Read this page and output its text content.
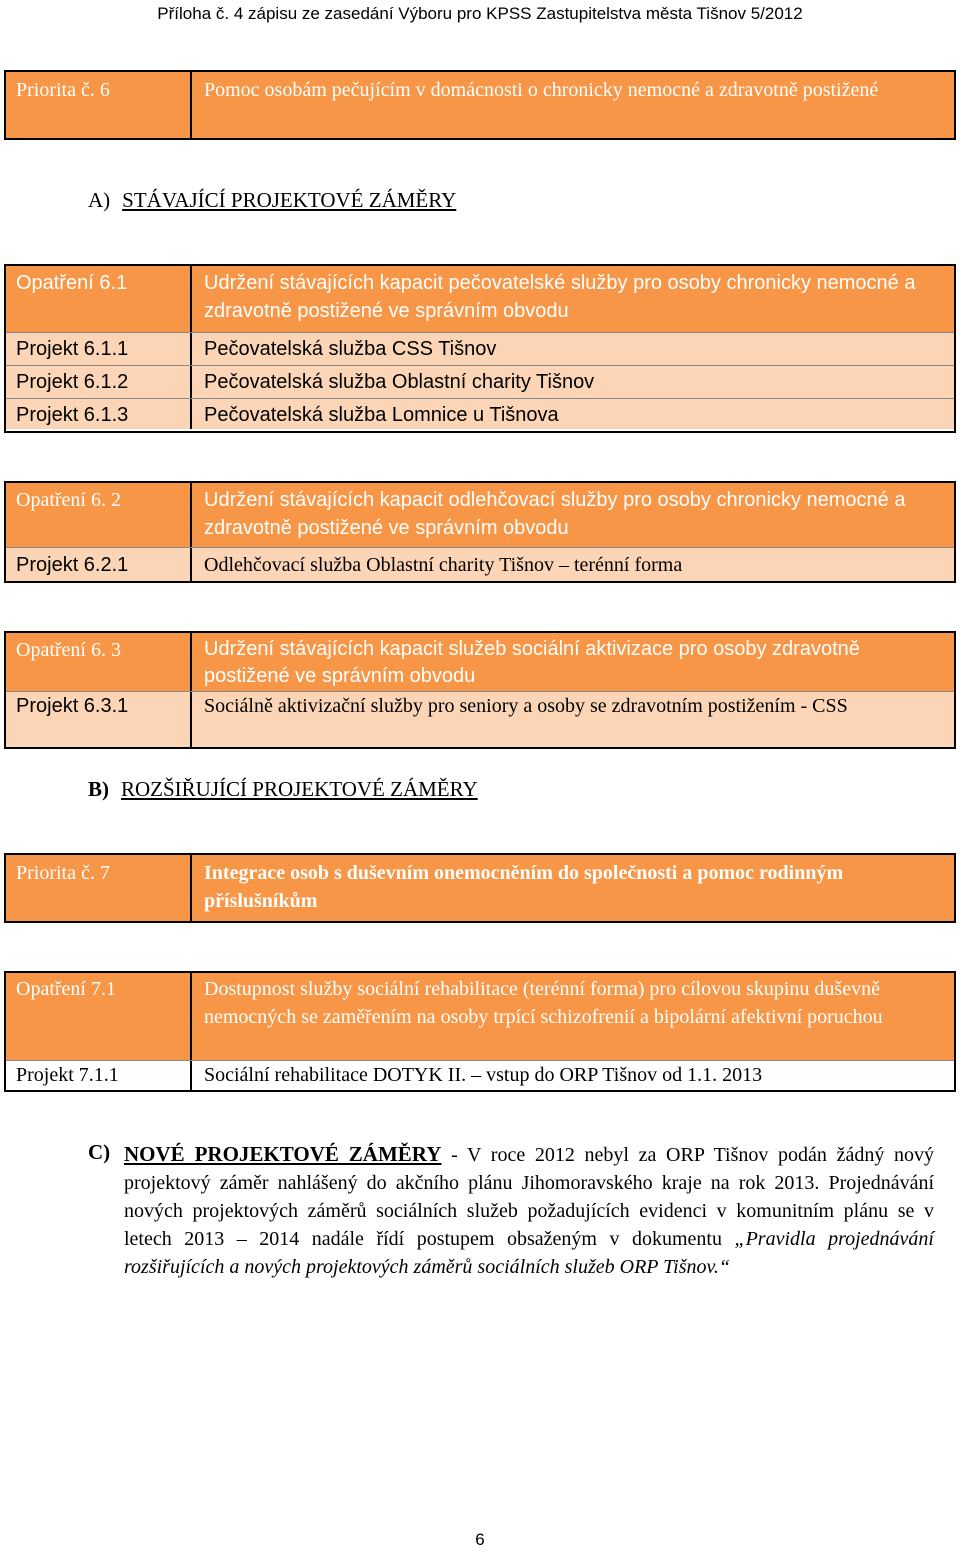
Příloha č. 4 zápisu ze zasedání Výboru pro KPSS Zastupitelstva města Tišnov 5/2012
Priorita č. 6	Pomoc osobám pečujícím v domácnosti o chronicky nemocné a zdravotně postižené
A) STÁVAJÍCÍ PROJEKTOVÉ ZÁMĚRY
Opatření 6.1	Udržení stávajících kapacit pečovatelské služby pro osoby chronicky nemocné a zdravotně postižené ve správním obvodu
Projekt 6.1.1	Pečovatelská služba CSS Tišnov
Projekt 6.1.2	Pečovatelská služba Oblastní charity Tišnov
Projekt 6.1.3	Pečovatelská služba Lomnice u Tišnova
Opatření 6. 2	Udržení stávajících kapacit odlehčovací služby pro osoby chronicky nemocné a zdravotně postižené ve správním obvodu
Projekt 6.2.1	Odlehčovací služba Oblastní charity Tišnov – terénní forma
Opatření 6. 3	Udržení stávajících kapacit služeb sociální aktivizace pro osoby zdravotně postižené ve správním obvodu
Projekt 6.3.1	Sociálně aktivizační služby pro seniory a osoby se zdravotním postižením - CSS
B) ROZŠIŘUJÍCÍ PROJEKTOVÉ ZÁMĚRY
Priorita č. 7	Integrace osob s duševním onemocněním do společnosti a pomoc rodinným příslušníkům
Opatření 7.1	Dostupnost služby sociální rehabilitace (terénní forma) pro cílovou skupinu duševně nemocných se zaměřením na osoby trpící schizofrenií a bipolární afektivní poruchou
Projekt 7.1.1	Sociální rehabilitace DOTYK II. – vstup do ORP Tišnov od 1.1. 2013
C) NOVÉ PROJEKTOVÉ ZÁMĚRY - V roce 2012 nebyl za ORP Tišnov podán žádný nový projektový záměr nahlášený do akčního plánu Jihomoravského kraje na rok 2013. Projednávání nových projektových záměrů sociálních služeb požadujících evidenci v komunitním plánu se v letech 2013 – 2014 nadále řídí postupem obsaženým v dokumentu „Pravidla projednávání rozšiřujících a nových projektových záměrů sociálních služeb ORP Tišnov.“
6
